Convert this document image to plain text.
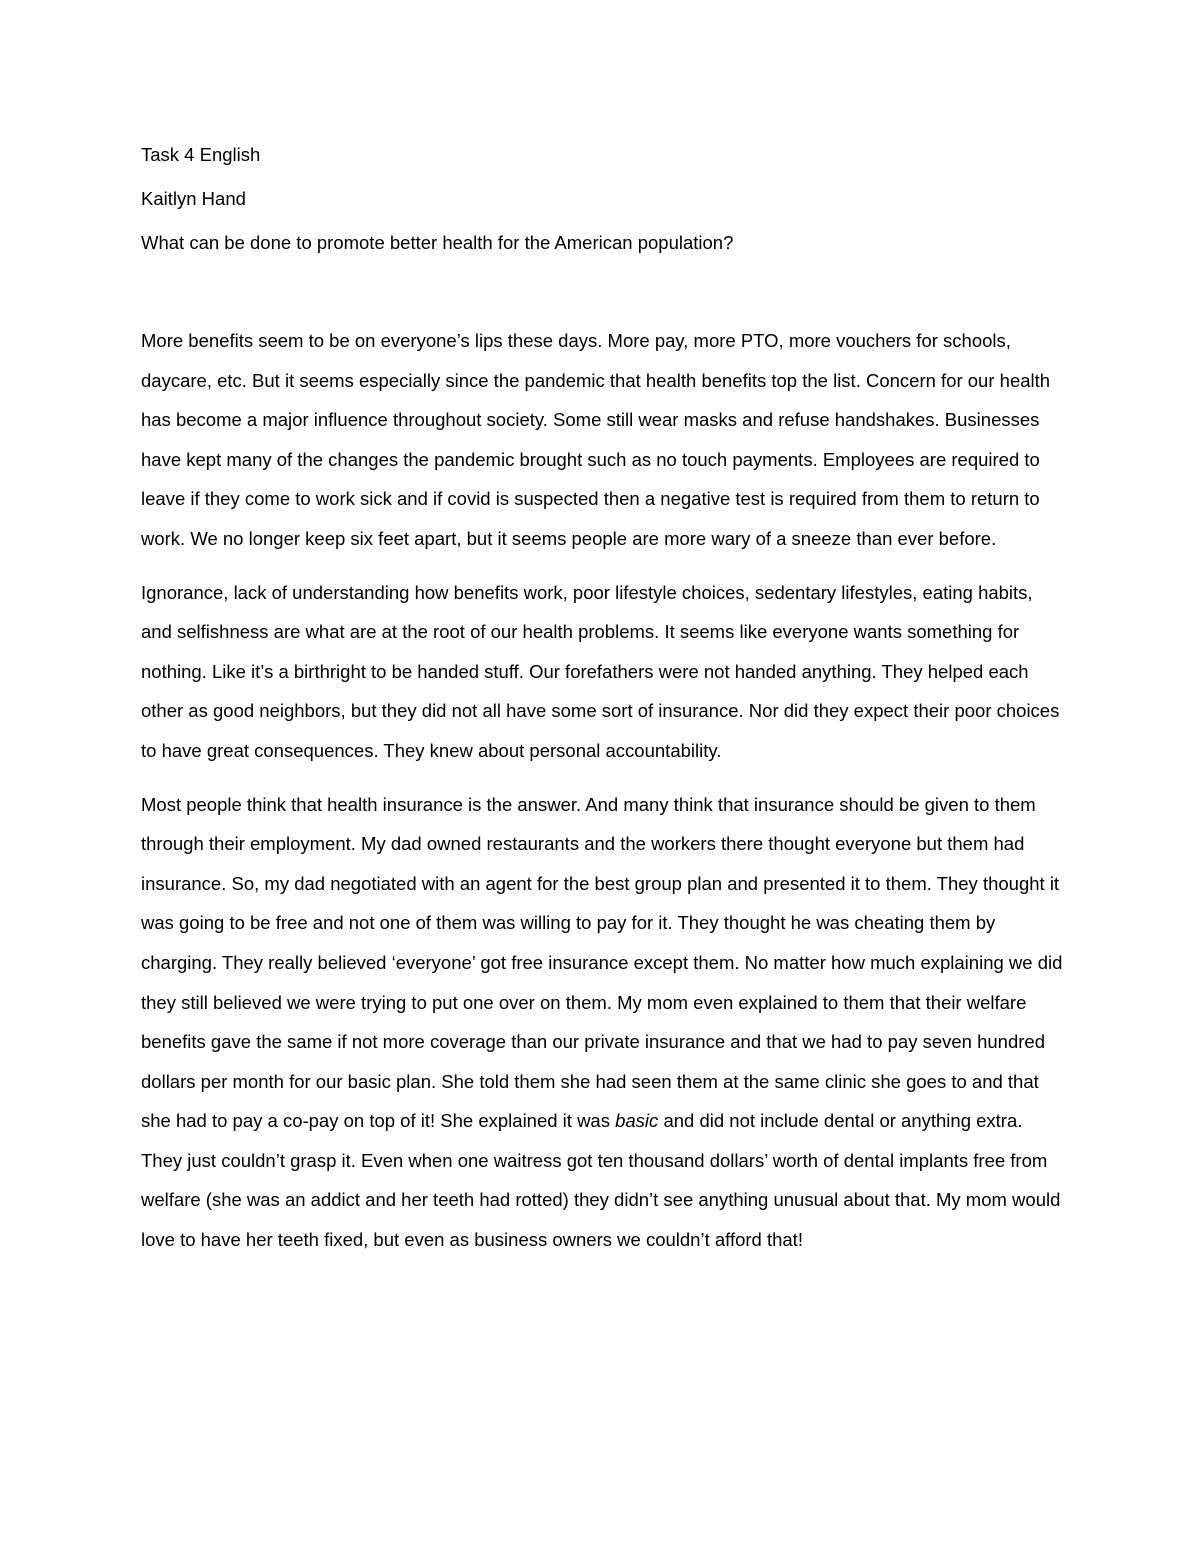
Task 4 English

Kaitlyn Hand

What can be done to promote better health for the American population?

More benefits seem to be on everyone’s lips these days. More pay, more PTO, more vouchers for schools, daycare, etc. But it seems especially since the pandemic that health benefits top the list. Concern for our health has become a major influence throughout society. Some still wear masks and refuse handshakes. Businesses have kept many of the changes the pandemic brought such as no touch payments. Employees are required to leave if they come to work sick and if covid is suspected then a negative test is required from them to return to work. We no longer keep six feet apart, but it seems people are more wary of a sneeze than ever before.

Ignorance, lack of understanding how benefits work, poor lifestyle choices, sedentary lifestyles, eating habits, and selfishness are what are at the root of our health problems. It seems like everyone wants something for nothing. Like it’s a birthright to be handed stuff. Our forefathers were not handed anything. They helped each other as good neighbors, but they did not all have some sort of insurance. Nor did they expect their poor choices to have great consequences. They knew about personal accountability.

Most people think that health insurance is the answer. And many think that insurance should be given to them through their employment. My dad owned restaurants and the workers there thought everyone but them had insurance. So, my dad negotiated with an agent for the best group plan and presented it to them. They thought it was going to be free and not one of them was willing to pay for it. They thought he was cheating them by charging. They really believed ‘everyone’ got free insurance except them. No matter how much explaining we did they still believed we were trying to put one over on them. My mom even explained to them that their welfare benefits gave the same if not more coverage than our private insurance and that we had to pay seven hundred dollars per month for our basic plan. She told them she had seen them at the same clinic she goes to and that she had to pay a co-pay on top of it! She explained it was basic and did not include dental or anything extra. They just couldn’t grasp it. Even when one waitress got ten thousand dollars’ worth of dental implants free from welfare (she was an addict and her teeth had rotted) they didn’t see anything unusual about that. My mom would love to have her teeth fixed, but even as business owners we couldn’t afford that!
